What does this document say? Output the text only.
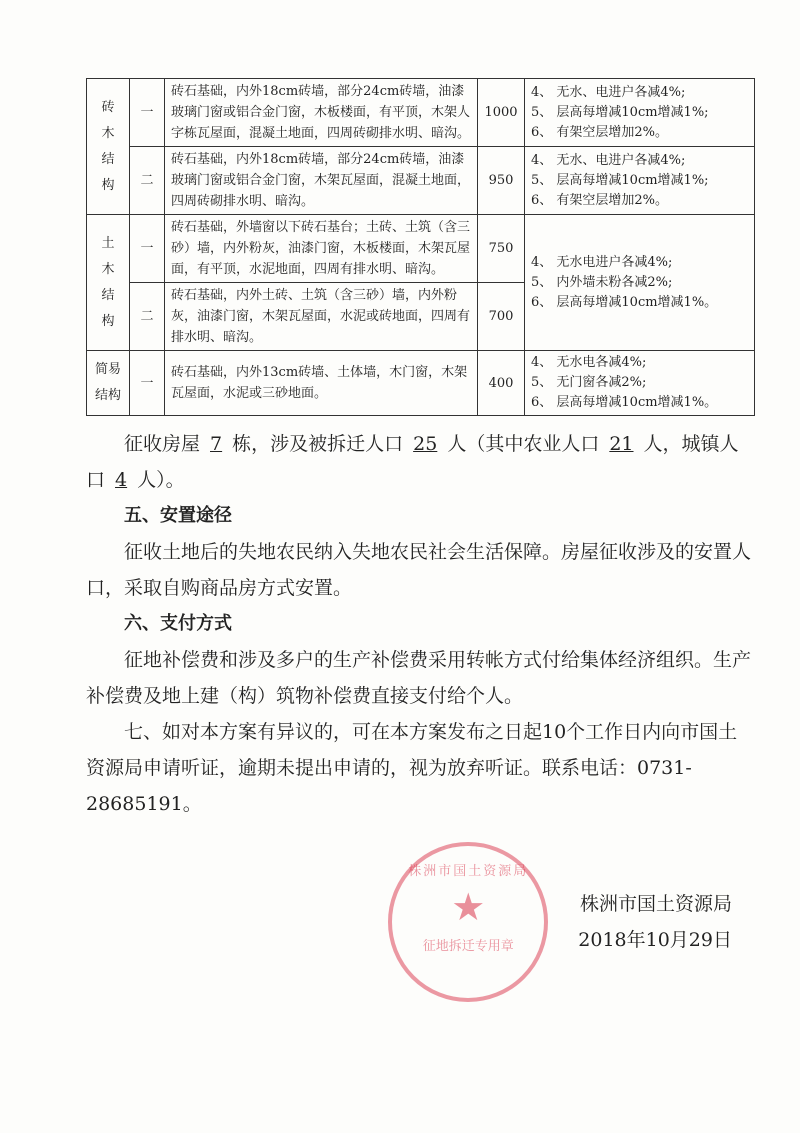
砖木结构	一	砖石基础，内外18cm砖墙，部分24cm砖墙，油漆玻璃门窗或铝合金门窗，木板楼面，有平顶，木架人字栋瓦屋面，混凝土地面，四周砖砌排水明、暗沟。	1000	4、 无水、电进户各减4%;
5、 层高每增减10cm增减1%;
6、 有架空层增加2%。

	二	砖石基础，内外18cm砖墙，部分24cm砖墙，油漆玻璃门窗或铝合金门窗，木架瓦屋面，混凝土地面，四周砖砌排水明、暗沟。	950	4、 无水、电进户各减4%;
5、 层高每增减10cm增减1%;
6、 有架空层增加2%。

土木结构	一	砖石基础，外墙窗以下砖石基台；土砖、土筑（含三砂）墙，内外粉灰，油漆门窗，木板楼面，木架瓦屋面，有平顶，水泥地面，四周有排水明、暗沟。	750	4、 无水电进户各减4%;
5、 内外墙未粉各减2%;
6、 层高每增减10cm增减1%。

	二	砖石基础，内外土砖、土筑（含三砂）墙，内外粉灰，油漆门窗，木架瓦屋面，水泥或砖地面，四周有排水明、暗沟。	700	
简易结构	一	砖石基础，内外13cm砖墙、土体墙，木门窗，木架瓦屋面，水泥或三砂地面。	400	4、 无水电各减4%;
5、 无门窗各减2%;
6、 层高每增减10cm增减1%。

征收房屋 7 栋，涉及被拆迁人口 25 人（其中农业人口 21 人，城镇人口 4 人）。

五、安置途径

征收土地后的失地农民纳入失地农民社会生活保障。房屋征收涉及的安置人口，采取自购商品房方式安置。

六、支付方式

征地补偿费和涉及多户的生产补偿费采用转帐方式付给集体经济组织。生产补偿费及地上建（构）筑物补偿费直接支付给个人。

七、如对本方案有异议的，可在本方案发布之日起10个工作日内向市国土资源局申请听证，逾期未提出申请的，视为放弃听证。联系电话：0731-28685191。

株洲市国土资源局
★
征地拆迁专用章
株洲市国土资源局
2018年10月29日
